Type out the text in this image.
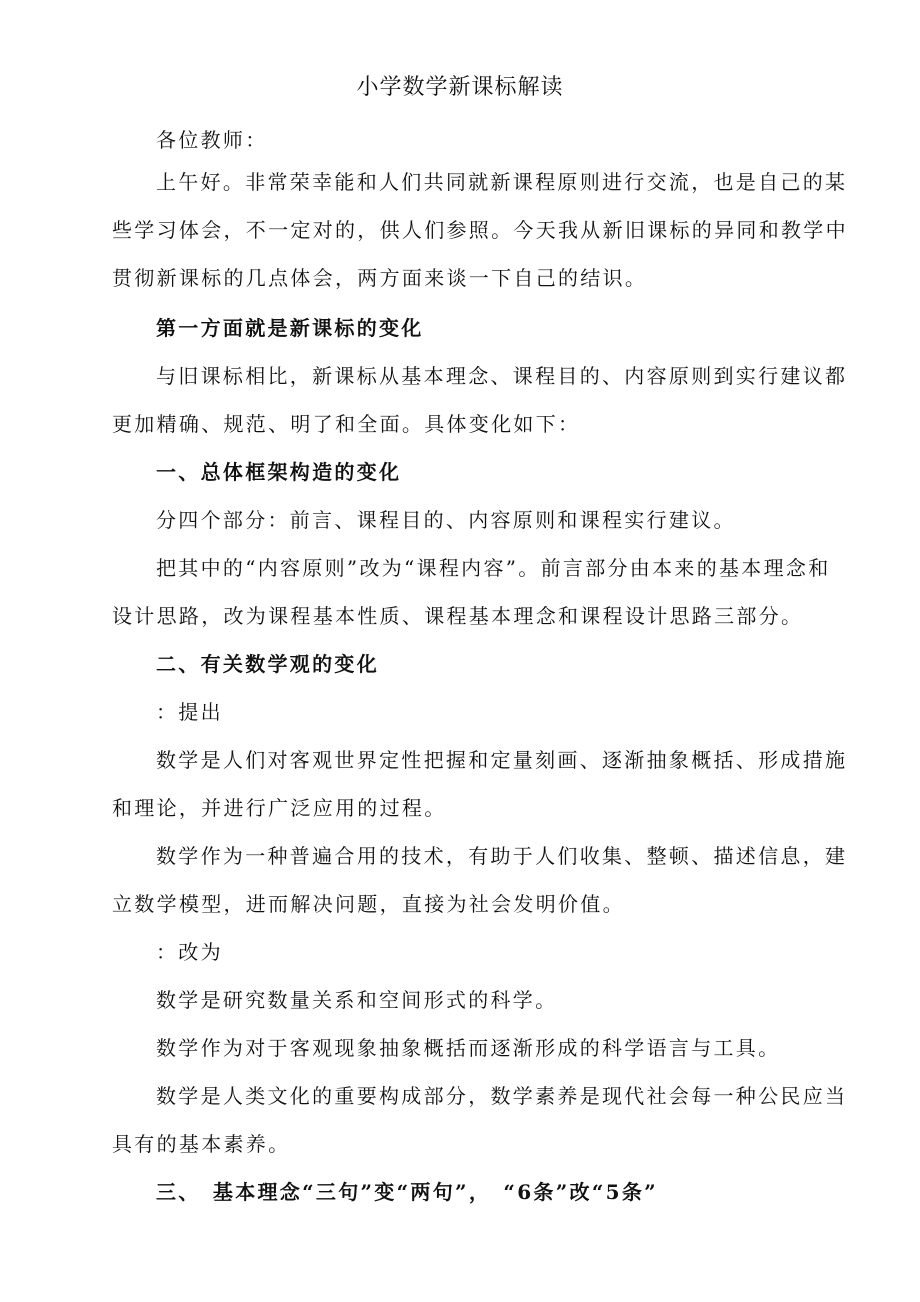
小学数学新课标解读
各位教师：
上午好。非常荣幸能和人们共同就新课程原则进行交流，也是自己的某
些学习体会，不一定对的，供人们参照。今天我从新旧课标的异同和教学中
贯彻新课标的几点体会，两方面来谈一下自己的结识。
第一方面就是新课标的变化
与旧课标相比，新课标从基本理念、课程目的、内容原则到实行建议都
更加精确、规范、明了和全面。具体变化如下：
一、总体框架构造的变化
分四个部分：前言、课程目的、内容原则和课程实行建议。
把其中的“内容原则”改为“课程内容”。前言部分由本来的基本理念和
设计思路，改为课程基本性质、课程基本理念和课程设计思路三部分。
二、有关数学观的变化
：提出
数学是人们对客观世界定性把握和定量刻画、逐渐抽象概括、形成措施
和理论，并进行广泛应用的过程。
数学作为一种普遍合用的技术，有助于人们收集、整顿、描述信息，建
立数学模型，进而解决问题，直接为社会发明价值。
：改为
数学是研究数量关系和空间形式的科学。
数学作为对于客观现象抽象概括而逐渐形成的科学语言与工具。
数学是人类文化的重要构成部分，数学素养是现代社会每一种公民应当
具有的基本素养。
三、　基本理念“三句”变“两句”，　“6条”改“5条”
